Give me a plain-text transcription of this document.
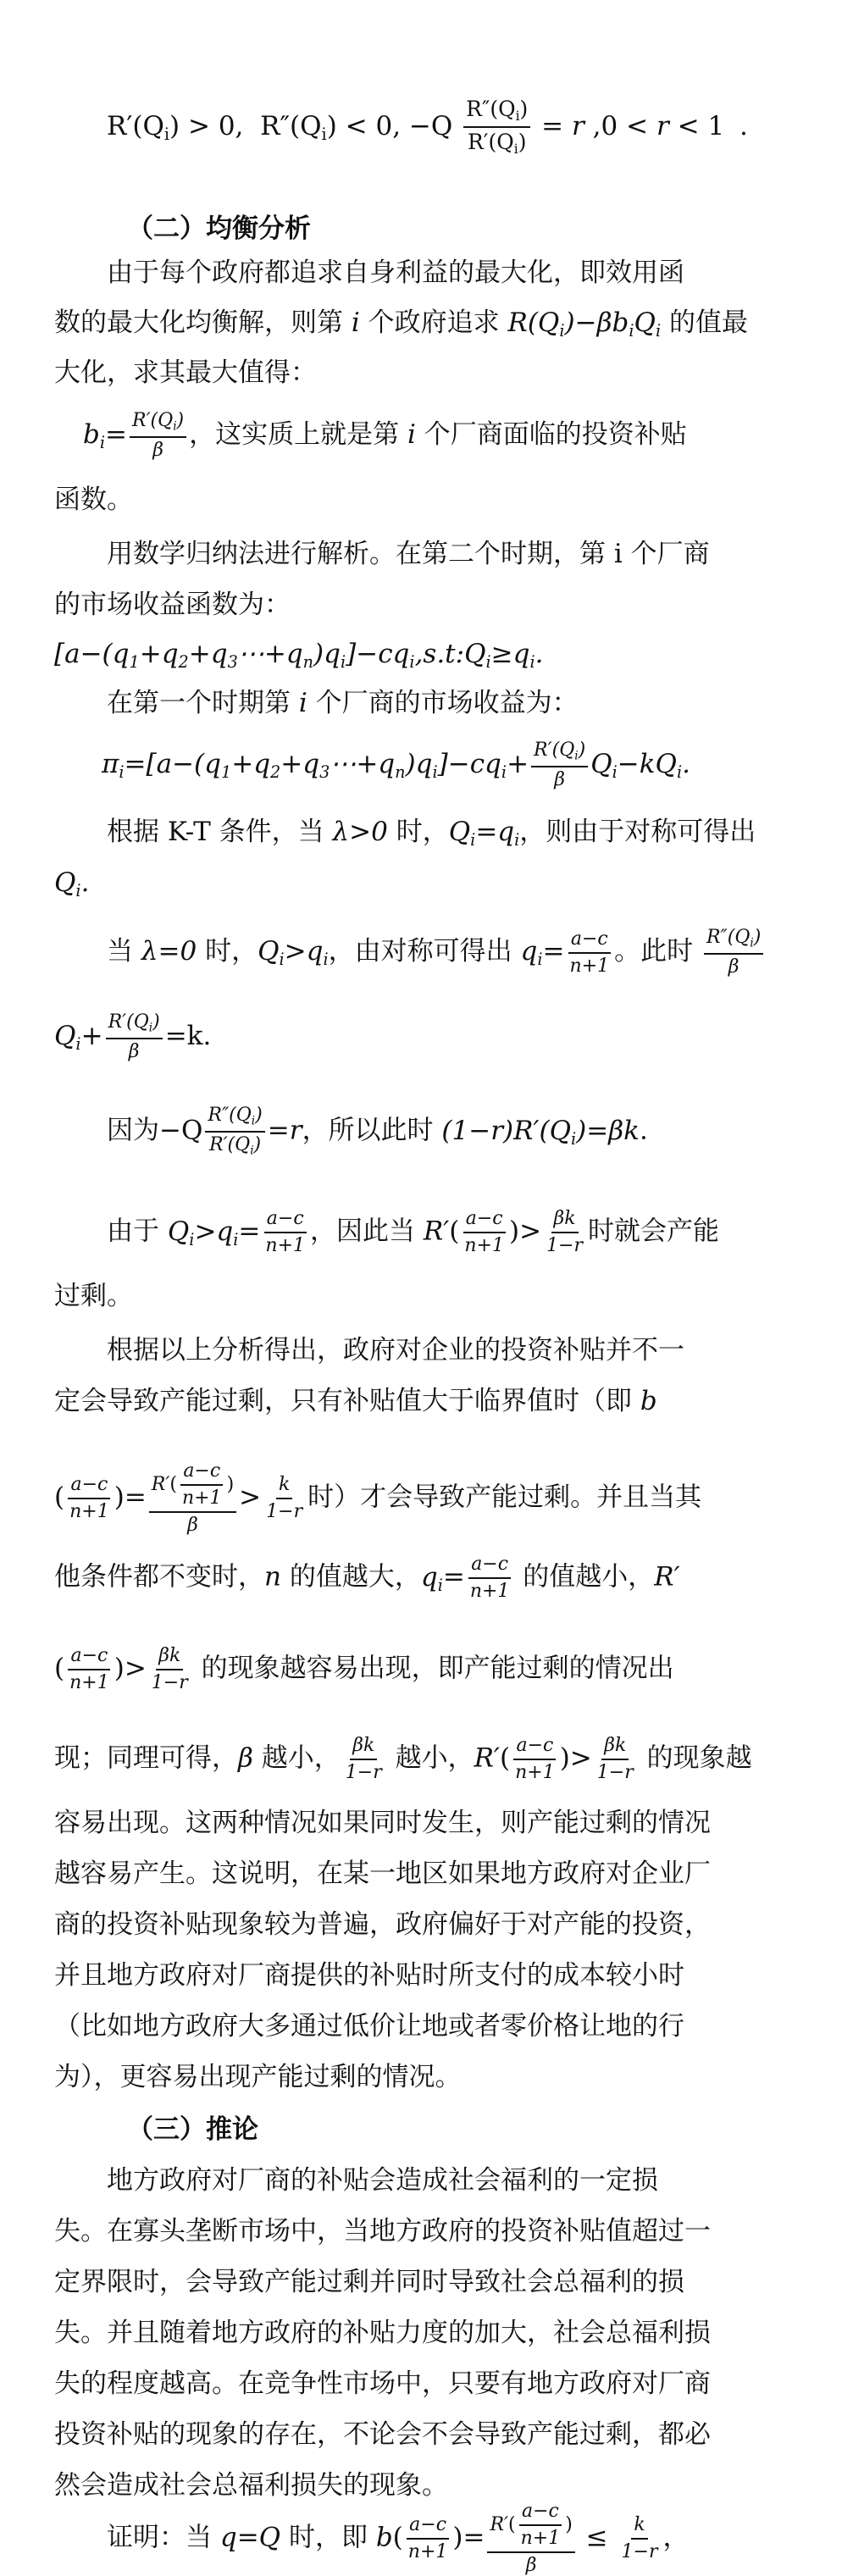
$R'(Q_i) > 0$,  $R''(Q_i) < 0$, $-Q \frac{R''(Q_i)}{R'(Q_i)} = r$ ,0 < r < 1 .
（二）均衡分析
由于每个政府都追求自身利益的最大化，即效用函
数的最大化均衡解，则第 i 个政府追求 $R(Q_i)-\beta b_iQ_i$ 的值最
大化，求其最大值得：
$b_i= \frac{R'(Q_i)}{\beta}$ ，这实质上就是第 i 个厂商面临的投资补贴
函数。
用数学归纳法进行解析。在第二个时期，第 i 个厂商
的市场收益函数为：
$[a-(q_1+q_2+q_3\cdots+q_n)q_i]-cq_i,s.t:Q_i\ge q_i$.
在第一个时期第 i 个厂商的市场收益为：
$\pi_i=[a-(q_1+q_2+q_3\cdots+q_n)q_i]-cq_i+ \frac{R'(Q_i)}{\beta} Q_i-kQ_i$.
根据 K-T 条件，当 λ>0 时，$Q_i=q_i$，则由于对称可得出
$Q_i$.
当 λ=0 时，$Q_i>q_i$，由对称可得出 $q_i= \frac{a-c}{n+1}$ 。此时 $\frac{R''(Q_i)}{\beta}$
$Q_i+ \frac{R'(Q_i)}{\beta} =k$.
因为$-Q \frac{R''(Q_i)}{R'(Q_i)} =r$，所以此时 $(1-r)R'(Q_i)=\beta k$.
由于 $Q_i>q_i= \frac{a-c}{n+1}$ ，因此当 $R'( \frac{a-c}{n+1}$ )> $\frac{\beta k}{1-r}$ 时就会产能
过剩。
根据以上分析得出，政府对企业的投资补贴并不一
定会导致产能过剩，只有补贴值大于临界值时（即 b
( $\frac{a-c}{n+1}$ )= $\frac{R'( \frac{a-c}{n+1} )}{\beta} > \frac{k}{1-r}$ 时）才会导致产能过剩。并且当其
他条件都不变时，n 的值越大，$q_i= \frac{a-c}{n+1}$ 的值越小，R′
( $\frac{a-c}{n+1}$ )> $\frac{\beta k}{1-r}$ 的现象越容易出现，即产能过剩的情况出
现；同理可得，β 越小， $\frac{\beta k}{1-r}$ 越小，$R'( \frac{a-c}{n+1}$ )> $\frac{\beta k}{1-r}$ 的现象越
容易出现。这两种情况如果同时发生，则产能过剩的情况
越容易产生。这说明，在某一地区如果地方政府对企业厂
商的投资补贴现象较为普遍，政府偏好于对产能的投资，
并且地方政府对厂商提供的补贴时所支付的成本较小时
（比如地方政府大多通过低价让地或者零价格让地的行
为），更容易出现产能过剩的情况。
（三）推论
地方政府对厂商的补贴会造成社会福利的一定损
失。在寡头垄断市场中，当地方政府的投资补贴值超过一
定界限时，会导致产能过剩并同时导致社会总福利的损
失。并且随着地方政府的补贴力度的加大，社会总福利损
失的程度越高。在竞争性市场中，只要有地方政府对厂商
投资补贴的现象的存在，不论会不会导致产能过剩，都必
然会造成社会总福利损失的现象。
证明：当 q=Q 时，即 $b( \frac{a-c}{n+1}$ )= $\frac{R'( \frac{a-c}{n+1} )}{\beta} \le \frac{k}{1-r}$ ，
